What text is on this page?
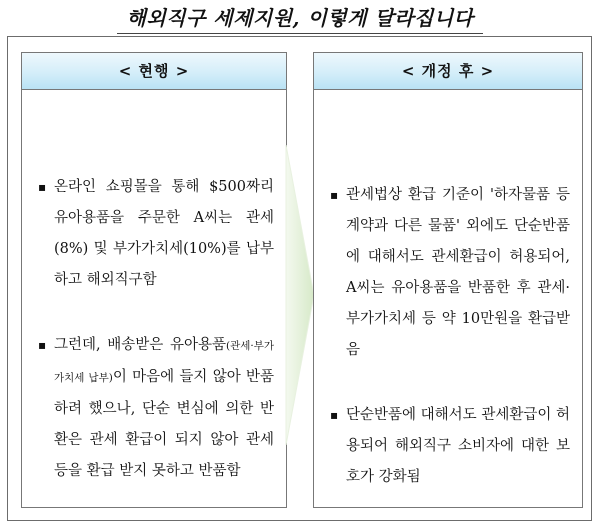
해외직구 세제지원, 이렇게 달라집니다
< 현행 >
▪ 온라인 쇼핑몰을 통해 $500짜리 유아용품을 주문한 A씨는 관세(8%) 및 부가가치세(10%)를 납부하고 해외직구함
▪ 그런데, 배송받은 유아용품(관세·부가가치세 납부)이 마음에 들지 않아 반품하려 했으나, 단순 변심에 의한 반환은 관세 환급이 되지 않아 관세 등을 환급 받지 못하고 반품함
< 개정 후 >
▪ 관세법상 환급 기준이 '하자물품 등 계약과 다른 물품' 외에도 단순반품에 대해서도 관세환급이 허용되어, A씨는 유아용품을 반품한 후 관세·부가가치세 등 약 10만원을 환급받음
▪ 단순반품에 대해서도 관세환급이 허용되어 해외직구 소비자에 대한 보호가 강화됨
